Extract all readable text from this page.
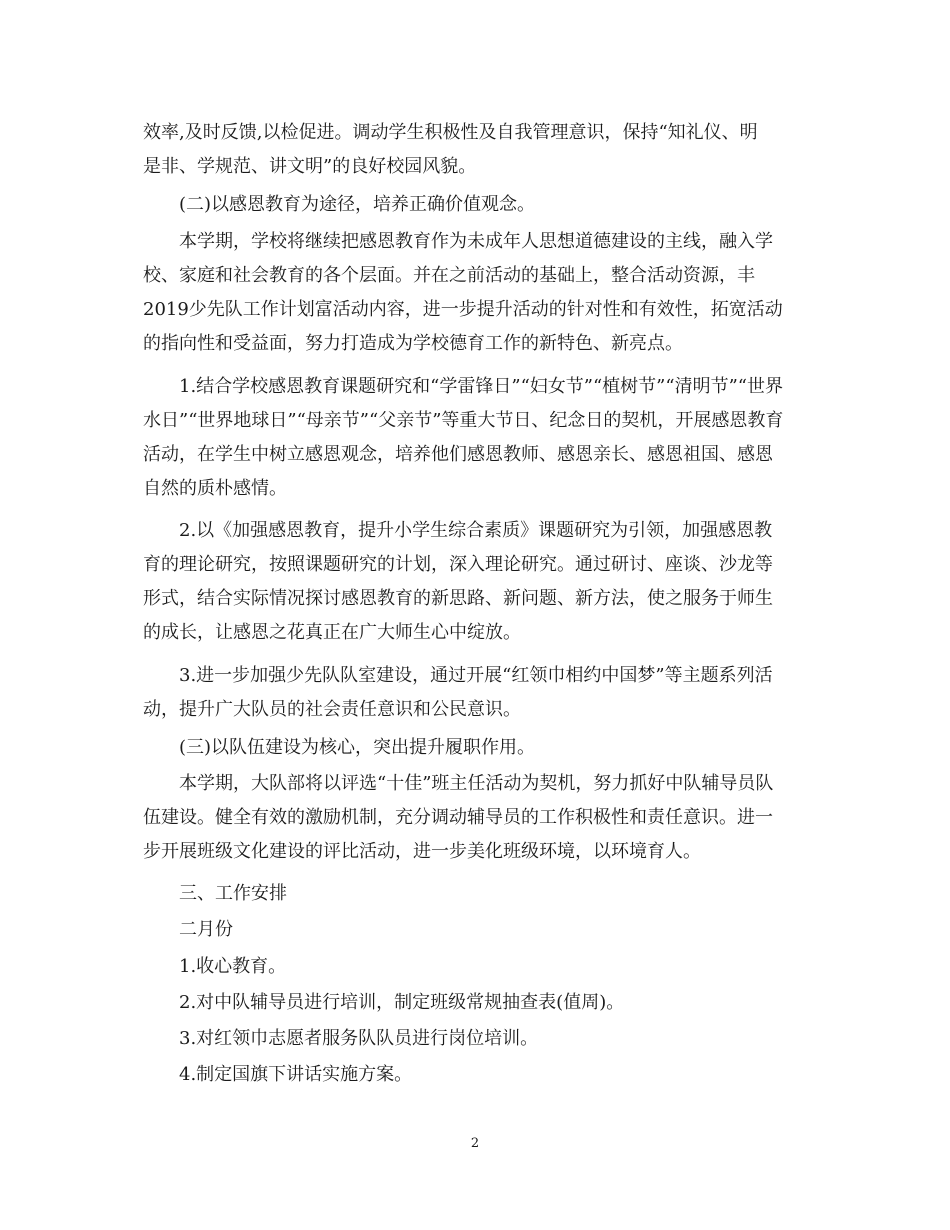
效率,及时反馈,以检促进。调动学生积极性及自我管理意识，保持“知礼仪、明
是非、学规范、讲文明”的良好校园风貌。

(二)以感恩教育为途径，培养正确价值观念。

本学期，学校将继续把感恩教育作为未成年人思想道德建设的主线，融入学
校、家庭和社会教育的各个层面。并在之前活动的基础上，整合活动资源，丰
2019少先队工作计划富活动内容，进一步提升活动的针对性和有效性，拓宽活动
的指向性和受益面，努力打造成为学校德育工作的新特色、新亮点。

1.结合学校感恩教育课题研究和“学雷锋日”“妇女节”“植树节”“清明节”“世界
水日”“世界地球日”“母亲节”“父亲节”等重大节日、纪念日的契机，开展感恩教育
活动，在学生中树立感恩观念，培养他们感恩教师、感恩亲长、感恩祖国、感恩
自然的质朴感情。

2.以《加强感恩教育，提升小学生综合素质》课题研究为引领，加强感恩教
育的理论研究，按照课题研究的计划，深入理论研究。通过研讨、座谈、沙龙等
形式，结合实际情况探讨感恩教育的新思路、新问题、新方法，使之服务于师生
的成长，让感恩之花真正在广大师生心中绽放。

3.进一步加强少先队队室建设，通过开展“红领巾相约中国梦”等主题系列活
动，提升广大队员的社会责任意识和公民意识。

(三)以队伍建设为核心，突出提升履职作用。

本学期，大队部将以评选“十佳”班主任活动为契机，努力抓好中队辅导员队
伍建设。健全有效的激励机制，充分调动辅导员的工作积极性和责任意识。进一
步开展班级文化建设的评比活动，进一步美化班级环境，以环境育人。

三、工作安排

二月份

1.收心教育。

2.对中队辅导员进行培训，制定班级常规抽查表(值周)。

3.对红领巾志愿者服务队队员进行岗位培训。

4.制定国旗下讲话实施方案。

2
